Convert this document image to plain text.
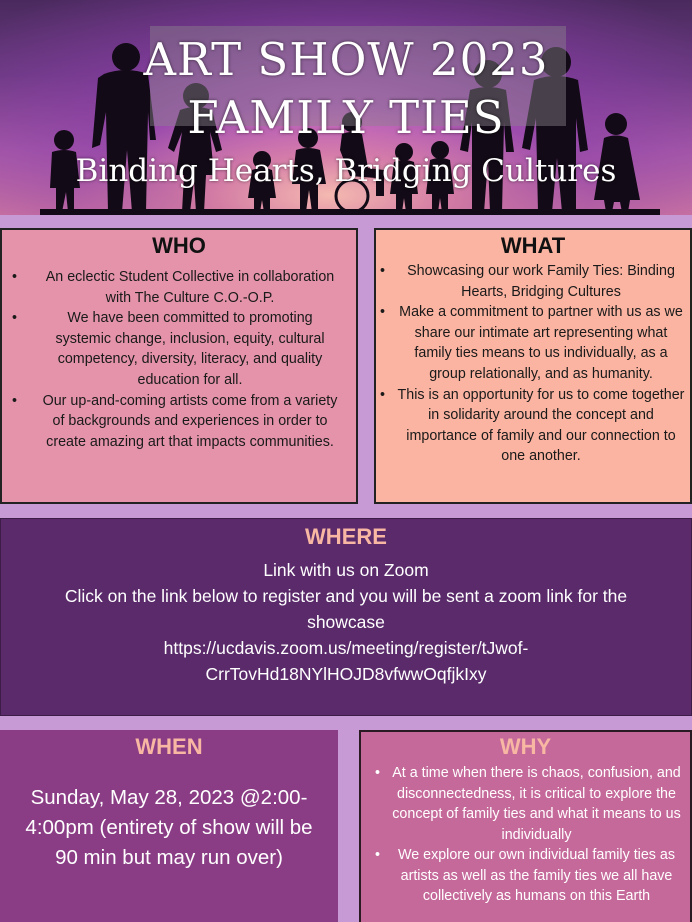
ART SHOW 2023
FAMILY TIES
Binding Hearts, Bridging Cultures
WHO
• An eclectic Student Collective in collaboration with The Culture C.O.-O.P.
•	We have been committed to promoting systemic change, inclusion, equity, cultural competency, diversity, literacy, and quality education for all.
• Our up-and-coming artists come from a variety of backgrounds and experiences in order to create amazing art that impacts communities.
WHAT
• Showcasing our work Family Ties: Binding Hearts, Bridging Cultures
• Make a commitment to partner with us as we share our intimate art representing what family ties means to us individually, as a group relationally, and as humanity.
• This is an opportunity for us to come together in solidarity around the concept and importance of family and our connection to one another.
WHERE
Link with us on Zoom
Click on the link below to register and you will be sent a zoom link for the showcase
https://ucdavis.zoom.us/meeting/register/tJwof-CrrTovHd18NYlHOJD8vfwwOqfjkIxy
WHEN
Sunday, May 28, 2023 @2:00-4:00pm (entirety of show will be 90 min but may run over)
WHY
• At a time when there is chaos, confusion, and disconnectedness, it is critical to explore the concept of family ties and what it means to us individually
• We explore our own individual family ties as artists as well as the family ties we all have collectively as humans on this Earth
